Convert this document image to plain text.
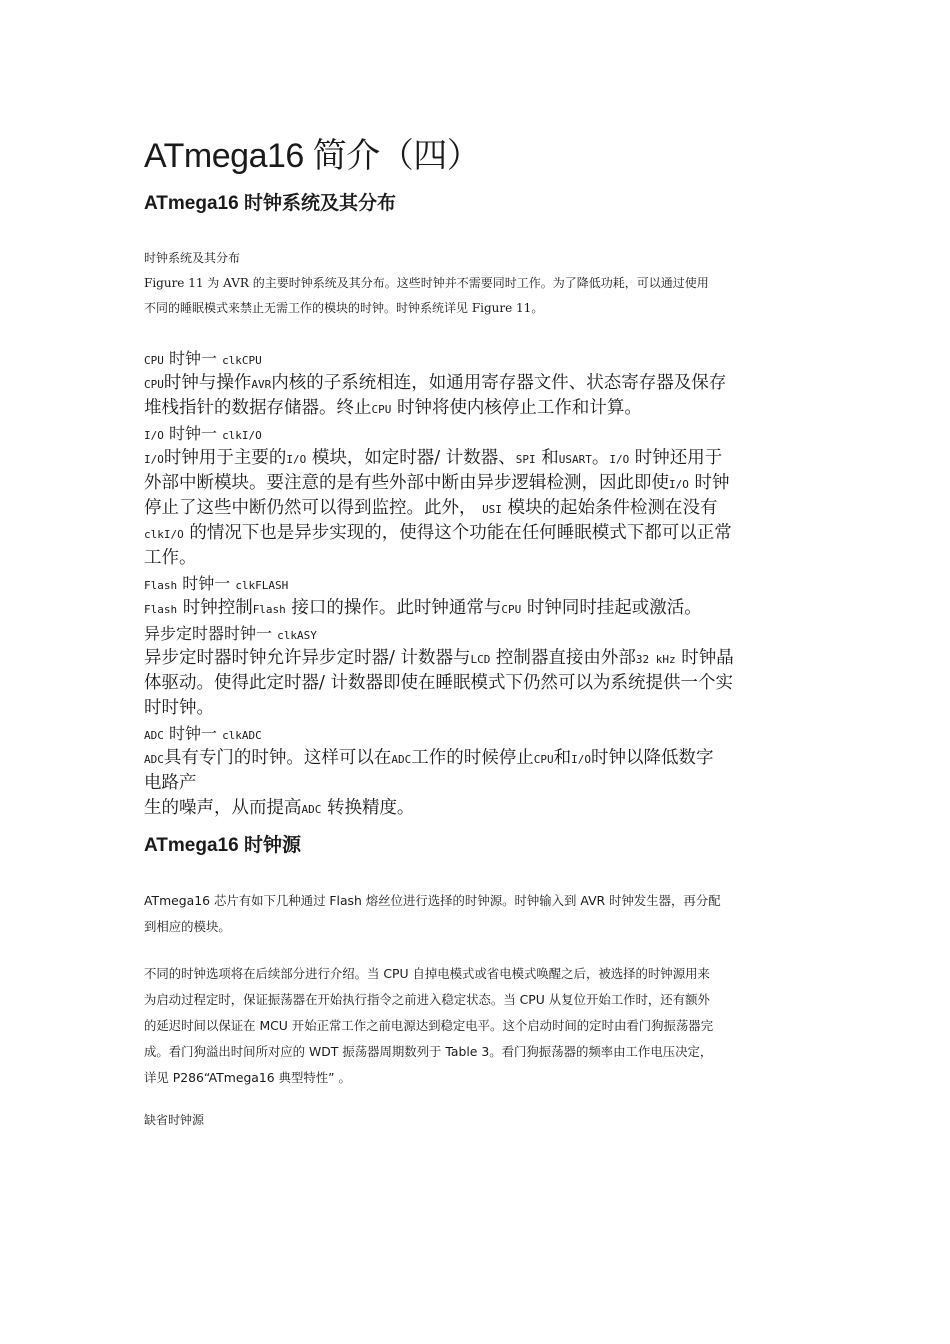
ATmega16 简介（四）
ATmega16 时钟系统及其分布
时钟系统及其分布
Figure 11 为 AVR 的主要时钟系统及其分布。这些时钟并不需要同时工作。为了降低功耗，可以通过使用
不同的睡眠模式来禁止无需工作的模块的时钟。时钟系统详见 Figure 11。
CPU 时钟一 clkCPU
CPU时钟与操作AVR内核的子系统相连，如通用寄存器文件、状态寄存器及保存
堆栈指针的数据存储器。终止CPU 时钟将使内核停止工作和计算。
I/O 时钟一 clkI/O
I/O时钟用于主要的I/O 模块，如定时器/ 计数器、SPI 和USART。I/O 时钟还用于
外部中断模块。要注意的是有些外部中断由异步逻辑检测，因此即使I/O 时钟
停止了这些中断仍然可以得到监控。此外， USI 模块的起始条件检测在没有
clkI/O 的情况下也是异步实现的，使得这个功能在任何睡眠模式下都可以正常
工作。
Flash 时钟一 clkFLASH
Flash 时钟控制Flash 接口的操作。此时钟通常与CPU 时钟同时挂起或激活。
异步定时器时钟一 clkASY
异步定时器时钟允许异步定时器/ 计数器与LCD 控制器直接由外部32 kHz 时钟晶
体驱动。使得此定时器/ 计数器即使在睡眠模式下仍然可以为系统提供一个实
时时钟。
ADC 时钟一 clkADC
ADC具有专门的时钟。这样可以在ADC工作的时候停止CPU和I/O时钟以降低数字
电路产
生的噪声，从而提高ADC 转换精度。
ATmega16 时钟源
ATmega16 芯片有如下几种通过 Flash 熔丝位进行选择的时钟源。时钟输入到 AVR 时钟发生器，再分配
到相应的模块。
不同的时钟选项将在后续部分进行介绍。当 CPU 自掉电模式或省电模式唤醒之后，被选择的时钟源用来
为启动过程定时，保证振荡器在开始执行指令之前进入稳定状态。当 CPU 从复位开始工作时，还有额外
的延迟时间以保证在 MCU 开始正常工作之前电源达到稳定电平。这个启动时间的定时由看门狗振荡器完
成。看门狗溢出时间所对应的 WDT 振荡器周期数列于 Table 3。看门狗振荡器的频率由工作电压决定，
详见 P286“ATmega16 典型特性” 。
缺省时钟源
